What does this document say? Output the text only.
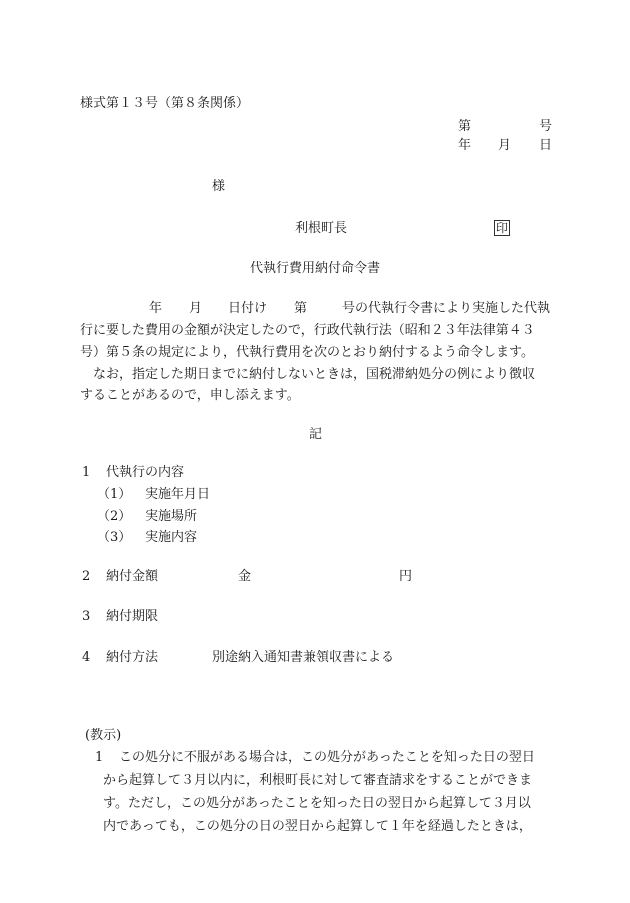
様式第１３号（第８条関係）
第	号
年 月 日
様
利根町長	印
代執行費用納付命令書
年 月 日付け 第	号の代執行令書により実施した代執
行に要した費用の金額が決定したので，行政代執行法（昭和２３年法律第４３
号）第５条の規定により，代執行費用を次のとおり納付するよう命令します。
なお，指定した期日までに納付しないときは，国税滞納処分の例により徴収
することがあるので，申し添えます。
記
1 代執行の内容
（1） 実施年月日
（2） 実施場所
（3） 実施内容
2 納付金額	金	円
3 納付期限
4 納付方法	別途納入通知書兼領収書による
(教示)
1 この処分に不服がある場合は，この処分があったことを知った日の翌日
から起算して３月以内に，利根町長に対して審査請求をすることができま
す。ただし，この処分があったことを知った日の翌日から起算して３月以
内であっても，この処分の日の翌日から起算して１年を経過したときは，
